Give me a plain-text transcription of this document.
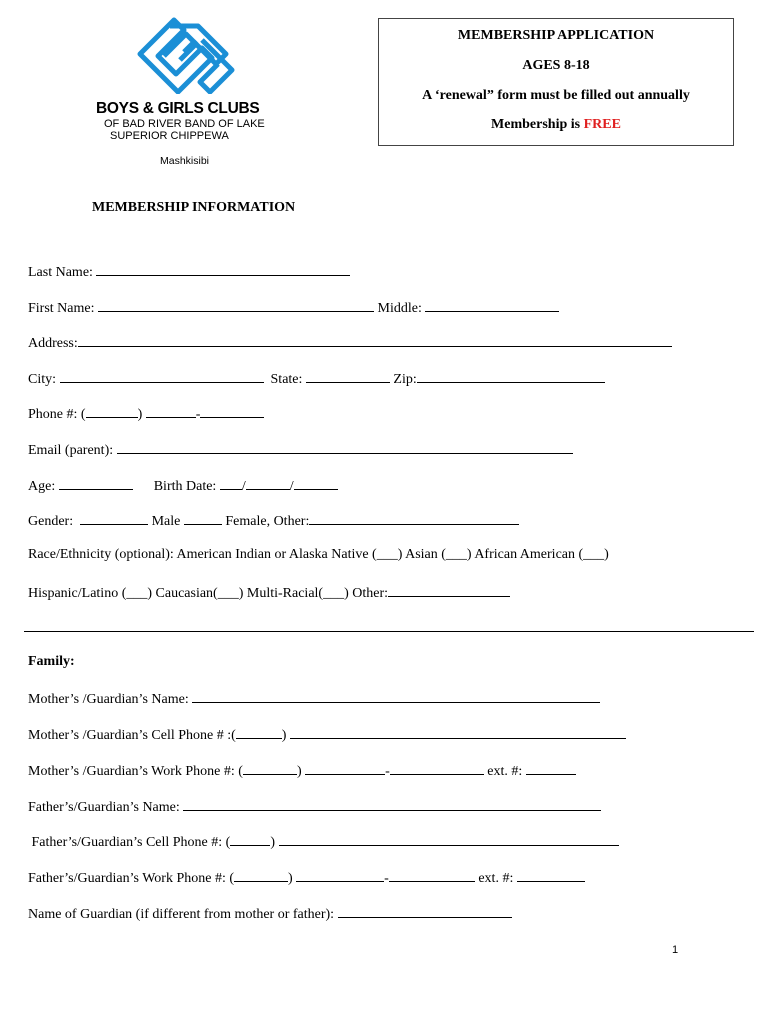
BOYS & GIRLS CLUBS
OF BAD RIVER BAND OF LAKE
SUPERIOR CHIPPEWA
Mashkisibi
MEMBERSHIP APPLICATION
AGES 8-18
A ‘renewal” form must be filled out annually
Membership is FREE
MEMBERSHIP INFORMATION
Last Name:
First Name:	Middle:
Address:
City:	State:	Zip:
Phone #: (	)	-
Email (parent):
Age:	Birth Date: /	/
Gender:	Male	Female, Other:
Race/Ethnicity (optional): American Indian or Alaska Native (___) Asian (___) African American (___)
Hispanic/Latino (___) Caucasian(___) Multi-Racial(___) Other:
Family:
Mother’s /Guardian’s Name:
Mother’s /Guardian’s Cell Phone # :(	)
Mother’s /Guardian’s Work Phone #: (	)	-	ext. #:
Father’s/Guardian’s Name:
Father’s/Guardian’s Cell Phone #: (	)
Father’s/Guardian’s Work Phone #: (	)	-	ext. #:
Name of Guardian (if different from mother or father):
1
